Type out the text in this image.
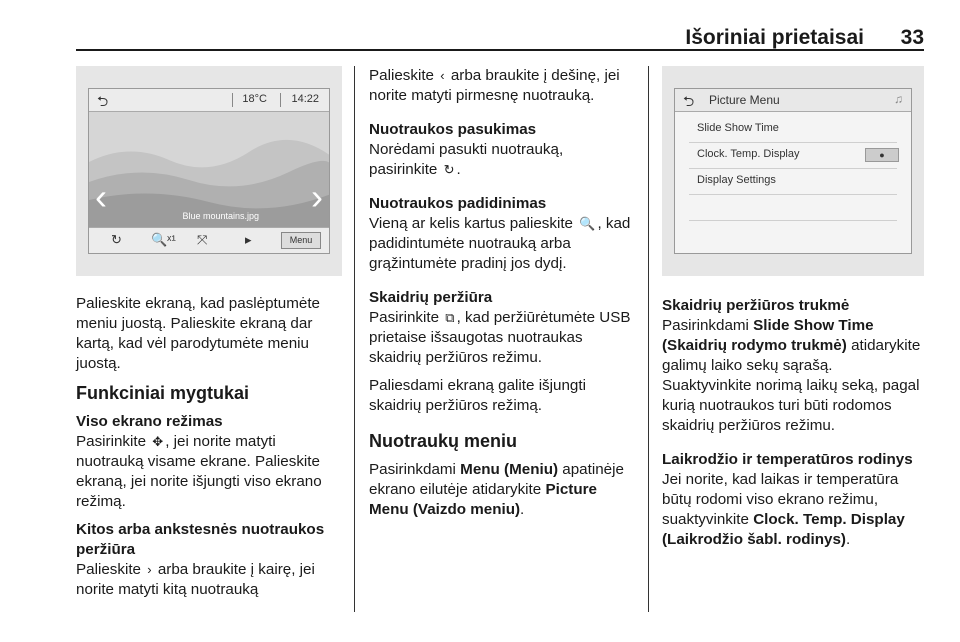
Išoriniai prietaisai 33
⮌	18°C 14:22
‹	›
Blue mountains.jpg
↻ 🔍ˣ¹ ⤧	▸	Menu

Palieskite ekraną, kad paslėptumėte meniu juostą. Palieskite ekraną dar kartą, kad vėl parodytumėte meniu juostą.

Funkciniai mygtukai
Viso ekrano režimas

Pasirinkite ✥ , jei norite matyti nuotrauką visame ekrane. Palieskite ekraną, jei norite išjungti viso ekrano režimą.

Kitos arba ankstesnės nuotraukos peržiūra

Palieskite › arba braukite į kairę, jei norite matyti kitą nuotrauką

Palieskite ‹ arba braukite į dešinę, jei norite matyti pirmesnę nuotrauką.

Nuotraukos pasukimas
Norėdami pasukti nuotrauką,

pasirinkite ↻ .

Nuotraukos padidinimas

Vieną ar kelis kartus palieskite 🔍 , kad padidintumėte nuotrauką arba grąžintumėte pradinį jos dydį.

Skaidrių peržiūra

Pasirinkite ⧉ , kad peržiūrėtumėte USB prietaise išsaugotas nuotraukas skaidrių peržiūros režimu.

Paliesdami ekraną galite išjungti skaidrių peržiūros režimą.

Nuotraukų meniu

Pasirinkdami Menu (Meniu) apatinėje ekrano eilutėje atidarykite Picture Menu (Vaizdo meniu).

⮌ Picture Menu	♫
Slide Show Time
Clock. Temp. Display	●
Display Settings
Skaidrių peržiūros trukmė

Pasirinkdami Slide Show Time (Skaidrių rodymo trukmė) atidarykite galimų laiko sekų sąrašą. Suaktyvinkite norimą laikų seką, pagal kurią nuotraukos turi būti rodomos skaidrių peržiūros režimu.

Laikrodžio ir temperatūros rodinys

Jei norite, kad laikas ir temperatūra būtų rodomi viso ekrano režimu, suaktyvinkite Clock. Temp. Display (Laikrodžio šabl. rodinys).
